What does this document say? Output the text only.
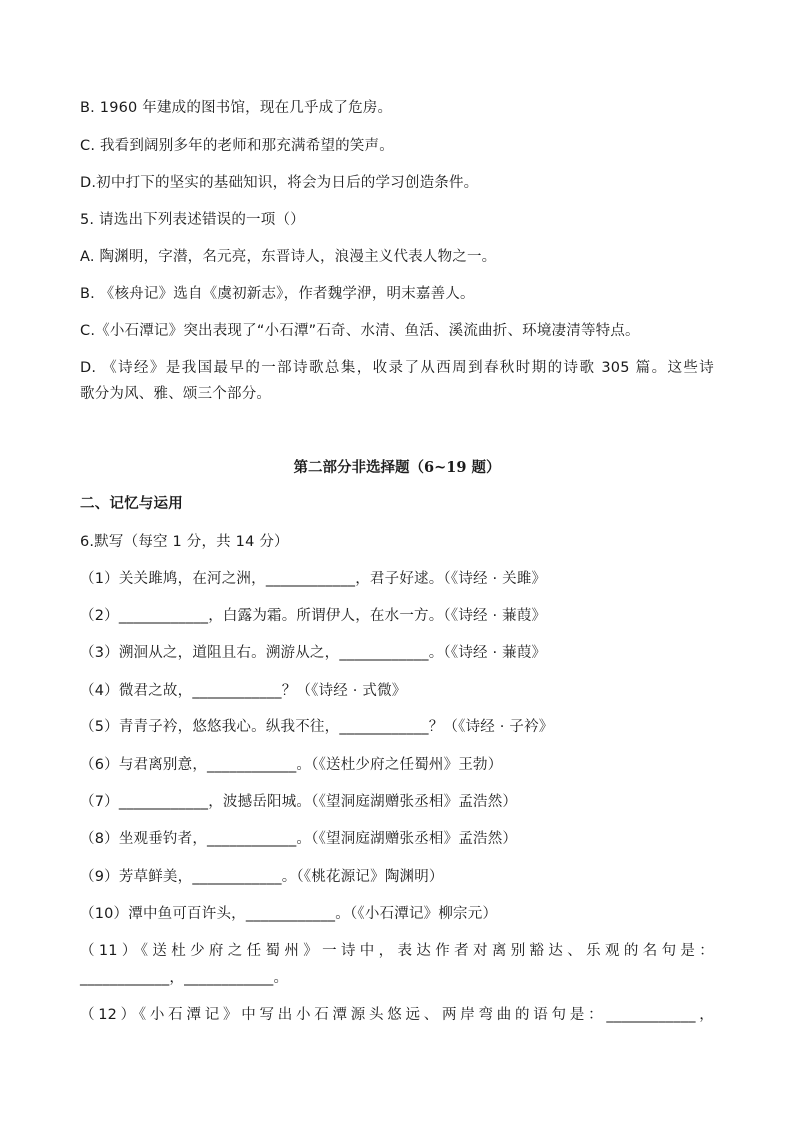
B. 1960 年建成的图书馆，现在几乎成了危房。
C. 我看到阔别多年的老师和那充满希望的笑声。
D.初中打下的坚实的基础知识，将会为日后的学习创造条件。
5. 请选出下列表述错误的一项（）
A. 陶渊明，字潜，名元亮，东晋诗人，浪漫主义代表人物之一。
B. 《核舟记》选自《虞初新志》，作者魏学洢，明末嘉善人。
C.《小石潭记》突出表现了“小石潭”石奇、水清、鱼活、溪流曲折、环境凄清等特点。
D. 《诗经》是我国最早的一部诗歌总集，收录了从西周到春秋时期的诗歌 305 篇。这些诗
歌分为风、雅、颂三个部分。
第二部分非选择题（6~19 题）
二、记忆与运用
6.默写（每空 1 分，共 14 分）
（1）关关雎鸠，在河之洲，____________，君子好逑。（《诗经 · 关雎》
（2）____________，白露为霜。所谓伊人，在水一方。（《诗经 · 蒹葭》
（3）溯洄从之，道阻且右。溯游从之，____________。（《诗经 · 蒹葭》
（4）微君之故，____________？（《诗经 · 式微》
（5）青青子衿，悠悠我心。纵我不往，____________？（《诗经 · 子衿》
（6）与君离别意，____________。（《送杜少府之任蜀州》王勃）
（7）____________，波撼岳阳城。（《望洞庭湖赠张丞相》孟浩然）
（8）坐观垂钓者，____________。（《望洞庭湖赠张丞相》孟浩然）
（9）芳草鲜美，____________。（《桃花源记》陶渊明）
（10）潭中鱼可百许头，____________。（《小石潭记》柳宗元）
（11）《送杜少府之任蜀州》一诗中，表达作者对离别豁达、乐观的名句是：
____________，____________。
（12）《小石潭记》中写出小石潭源头悠远、两岸弯曲的语句是：____________，
